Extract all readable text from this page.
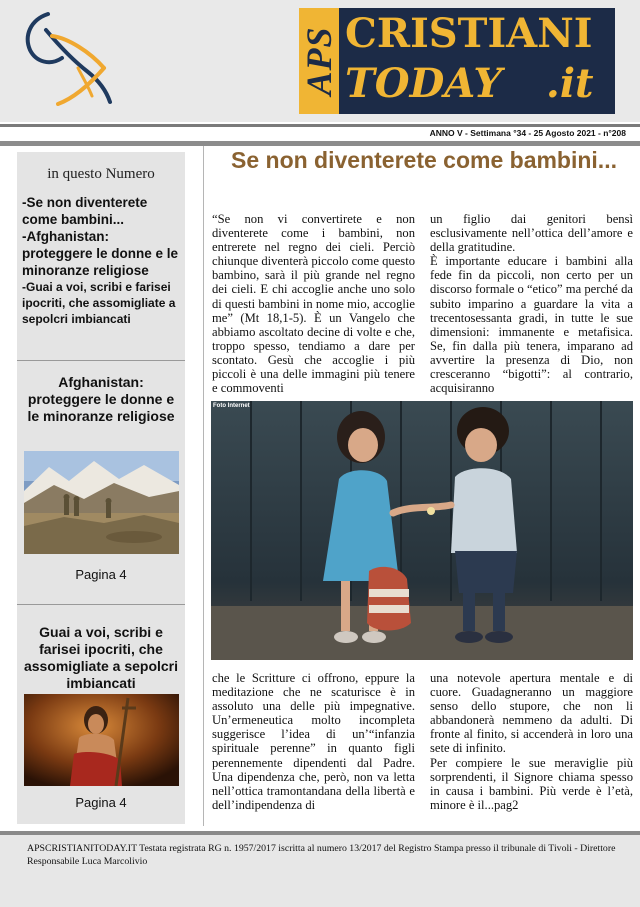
APS CRISTIANI
TODAY .it
ANNO V - Settimana °34 - 25 Agosto 2021 - n°208
in questo Numero
-Se non diventerete come bambini...
-Afghanistan: proteggere le donne e le minoranze religiose
-Guai a voi, scribi e farisei ipocriti, che assomigliate a sepolcri imbiancati
Afghanistan: proteggere le donne e le minoranze religiose
Pagina 4
Guai a voi, scribi e farisei ipocriti, che assomigliate a sepolcri imbiancati
Pagina 4
Se non diventerete come bambini...
“Se non vi convertirete e non diventerete come i bambini, non entrerete nel regno dei cieli. Perciò chiunque diventerà piccolo come questo bambino, sarà il più grande nel regno dei cieli. E chi accoglie anche uno solo di questi bambini in nome mio, accoglie me” (Mt 18,1-5). È un Vangelo che abbiamo ascoltato decine di volte e che, troppo spesso, tendiamo a dare per scontato. Gesù che accoglie i più piccoli è una delle immagini più tenere e commoventi
un figlio dai genitori bensì esclusivamente nell’ottica dell’amore e della gratitudine.
È importante educare i bambini alla fede fin da piccoli, non certo per un discorso formale o “etico” ma perché da subito imparino a guardare la vita a trecentosessanta gradi, in tutte le sue dimensioni: immanente e metafisica. Se, fin dalla più tenera, imparano ad avvertire la presenza di Dio, non cresceranno “bigotti”: al contrario, acquisiranno
Foto Internet
che le Scritture ci offrono, eppure la meditazione che ne scaturisce è in assoluto una delle più impegnative. Un’ermeneutica molto incompleta suggerisce l’idea di un’“infanzia spirituale perenne” in quanto figli perennemente dipendenti dal Padre. Una dipendenza che, però, non va letta nell’ottica tramontandana della libertà e dell’indipendenza di
una notevole apertura mentale e di cuore. Guadagneranno un maggiore senso dello stupore, che non li abbandonerà nemmeno da adulti. Di fronte al finito, si accenderà in loro una sete di infinito.
Per compiere le sue meraviglie più sorprendenti, il Signore chiama spesso in causa i bambini. Più verde è l’età, minore è il...pag2
APSCRISTIANITODAY.IT Testata registrata RG n. 1957/2017 iscritta al numero 13/2017 del Registro Stampa presso il tribunale di Tivoli - Direttore Responsabile Luca Marcolivio
